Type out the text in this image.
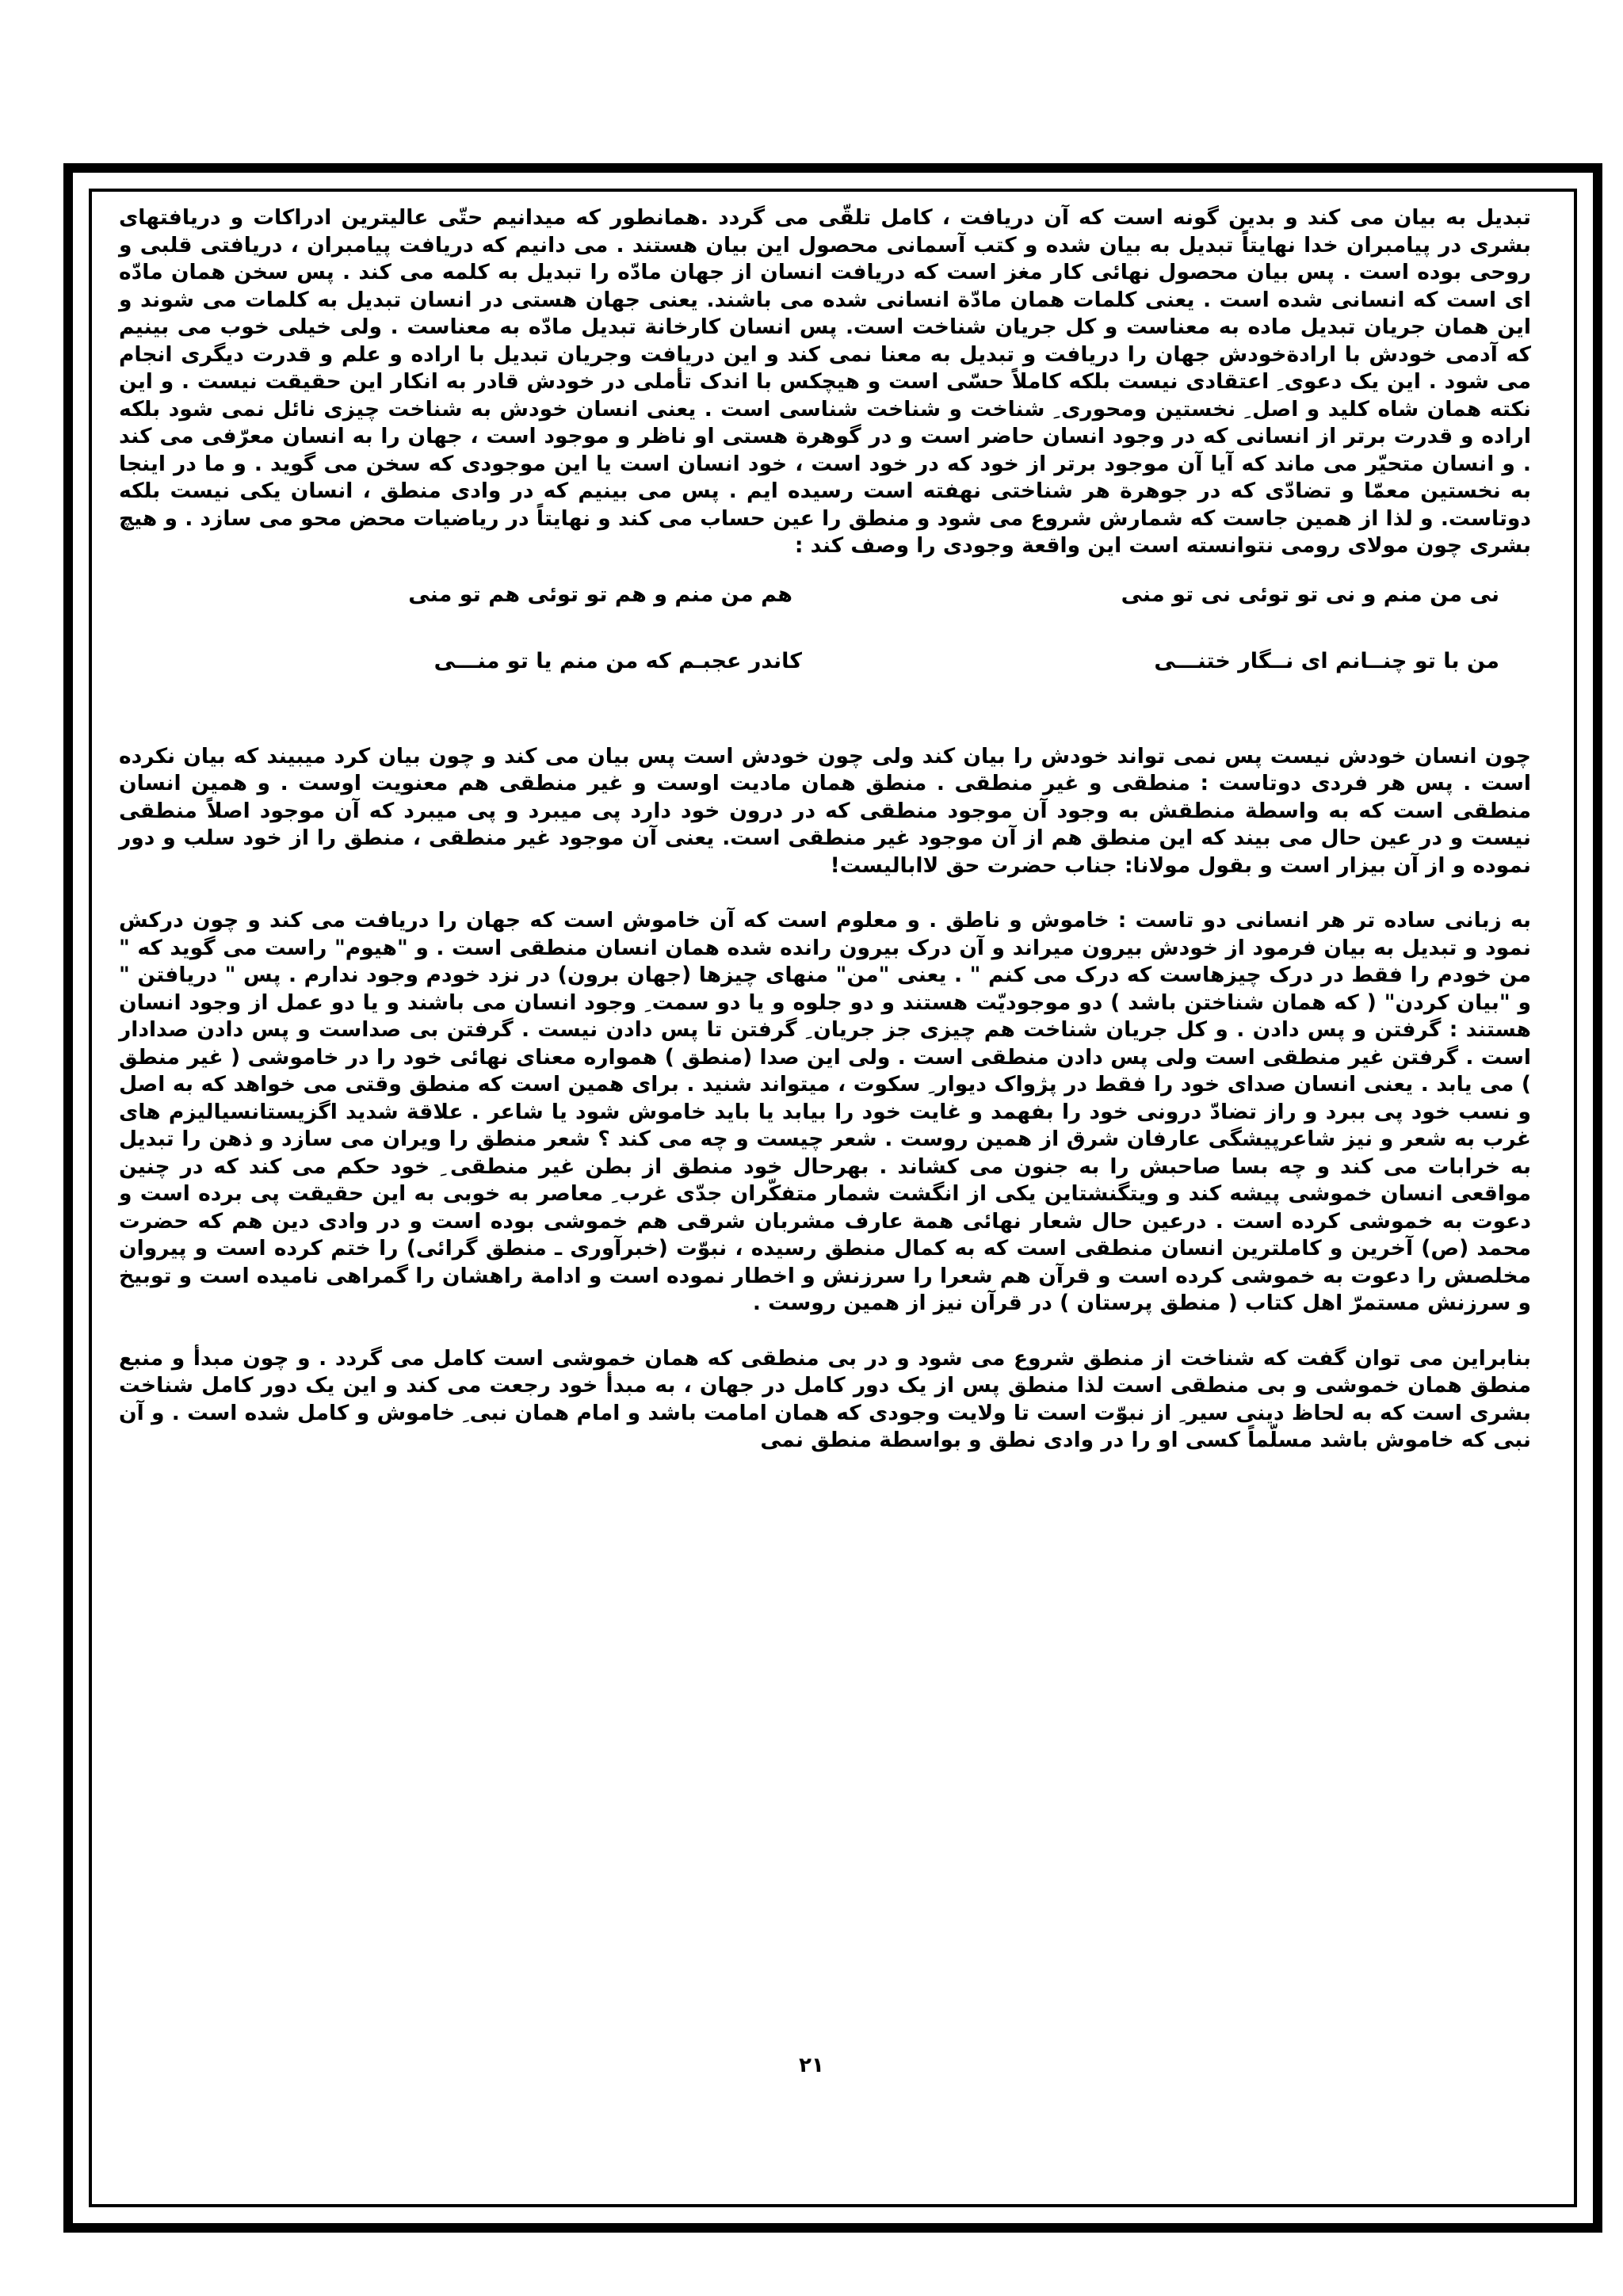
تبدیل به بیان می کند و بدین گونه است که آن دریافت ، کامل تلقّی می گردد .همانطور که میدانیم حتّی عالیترین ادراکات و دریافتهای بشری در پیامبران خدا نهایتاً تبدیل به بیان شده و کتب آسمانی محصول این بیان هستند . می دانیم که دریافت پیامبران ، دریافتی قلبی و روحی بوده است . پس بیان محصول نهائی کار مغز است که دریافت انسان از جهان مادّه را تبدیل به کلمه می کند . پس سخن همان مادّه ای است که انسانی شده است . یعنی کلمات همان مادّة انسانی شده می باشند. یعنی جهان هستی در انسان تبدیل به کلمات می شوند و این همان جریان تبدیل ماده به معناست و کل جریان شناخت است. پس انسان کارخانة تبدیل مادّه به معناست . ولی خیلی خوب می بینیم که آدمی خودش با ارادةخودش جهان را دریافت و تبدیل به معنا نمی کند و این دریافت وجریان تبدیل با اراده و علم و قدرت دیگری انجام می شود . این یک دعوی ِ اعتقادی نیست بلکه کاملاً حسّی است و هیچکس با اندک تأملی در خودش قادر به انکار این حقیقت نیست . و این نکته همان شاه کلید و اصل ِ نخستین ومحوری ِ شناخت و شناخت شناسی است . یعنی انسان خودش به شناخت چیزی نائل نمی شود بلکه اراده و قدرت برتر از انسانی که در وجود انسان حاضر است و در گوهرة هستی او ناظر و موجود است ، جهان را به انسان معرّفی می کند . و انسان متحیّر می ماند که آیا آن موجود برتر از خود که در خود است ، خود انسان است یا این موجودی که سخن می گوید . و ما در اینجا به نخستین معمّا و تضادّی که در جوهرة هر شناختی نهفته است رسیده ایم . پس می بینیم که در وادی منطق ، انسان یکی نیست بلکه دوتاست. و لذا از همین جاست که شمارش شروع می شود و منطق را عین حساب می کند و نهایتاً در ریاضیات محض محو می سازد . و هیچ بشری چون مولای رومی نتوانسته است این واقعة وجودی را وصف کند :

نی من منم و نی تو توئی نی تو منی
هم من منم و هم تو توئی هم تو منی
من با تو چنــانم ای نــگار ختنـــی
کاندر عجبـم که من منم یا تو منـــی

چون انسان خودش نیست پس نمی تواند خودش را بیان کند ولی چون خودش است پس بیان می کند و چون بیان کرد میبیند که بیان نکرده است . پس هر فردی دوتاست : منطقی و غیر منطقی . منطق همان مادیت اوست و غیر منطقی هم معنویت اوست . و همین انسان منطقی است که به واسطة منطقش به وجود آن موجود منطقی که در درون خود دارد پی میبرد و پی میبرد که آن موجود اصلاً منطقی نیست و در عین حال می بیند که این منطق هم از آن موجود غیر منطقی است. یعنی آن موجود غیر منطقی ، منطق را از خود سلب و دور نموده و از آن بیزار است و بقول مولانا: جناب حضرت حق لاابالیست!

به زبانی ساده تر هر انسانی دو تاست : خاموش و ناطق . و معلوم است که آن خاموش است که جهان را دریافت می کند و چون درکش نمود و تبدیل به بیان فرمود از خودش بیرون میراند و آن درک بیرون رانده شده همان انسان منطقی است . و "هیوم" راست می گوید که " من خودم را فقط در درک چیزهاست که درک می کنم " . یعنی "من" منهای چیزها (جهان برون) در نزد خودم وجود ندارم . پس " دریافتن " و "بیان کردن" ( که همان شناختن باشد ) دو موجودیّت هستند و دو جلوه و یا دو سمت ِ وجود انسان می باشند و یا دو عمل از وجود انسان هستند : گرفتن و پس دادن . و کل جریان شناخت هم چیزی جز جریان ِ گرفتن تا پس دادن نیست . گرفتن بی صداست و پس دادن صدادار است . گرفتن غیر منطقی است ولی پس دادن منطقی است . ولی این صدا (منطق ) همواره معنای نهائی خود را در خاموشی ( غیر منطق ) می یابد . یعنی انسان صدای خود را فقط در پژواک دیوار ِ سکوت ، میتواند شنید . برای همین است که منطق وقتی می خواهد که به اصل و نسب خود پی ببرد و راز تضادّ درونی خود را بفهمد و غایت خود را بیابد یا باید خاموش شود یا شاعر . علاقة شدید اگزیستانسیالیزم های غرب به شعر و نیز شاعرپیشگی عارفان شرق از همین روست . شعر چیست و چه می کند ؟ شعر منطق را ویران می سازد و ذهن را تبدیل به خرابات می کند و چه بسا صاحبش را به جنون می کشاند . بهرحال خود منطق از بطن غیر منطقی ِ خود حکم می کند که در چنین مواقعی انسان خموشی پیشه کند و ویتگنشتاین یکی از انگشت شمار متفکّران جدّی غرب ِ معاصر به خوبی به این حقیقت پی برده است و دعوت به خموشی کرده است . درعین حال شعار نهائی همة عارف مشربان شرقی هم خموشی بوده است و در وادی دین هم که حضرت محمد (ص) آخرین و کاملترین انسان منطقی است که به کمال منطق رسیده ، نبوّت (خبرآوری ـ منطق گرائی) را ختم کرده است و پیروان مخلصش را دعوت به خموشی کرده است و قرآن هم شعرا را سرزنش و اخطار نموده است و ادامة راهشان را گمراهی نامیده است و توبیخ و سرزنش مستمرّ اهل کتاب ( منطق پرستان ) در قرآن نیز از همین روست .

بنابراین می توان گفت که شناخت از منطق شروع می شود و در بی منطقی که همان خموشی است کامل می گردد . و چون مبدأ و منبع منطق همان خموشی و بی منطقی است لذا منطق پس از یک دور کامل در جهان ، به مبدأ خود رجعت می کند و این یک دور کامل شناخت بشری است که به لحاظ دینی سیر ِ از نبوّت است تا ولایت وجودی که همان امامت باشد و امام همان نبی ِ خاموش و کامل شده است . و آن نبی که خاموش باشد مسلّماً کسی او را در وادی نطق و بواسطة منطق نمی

۲۱
